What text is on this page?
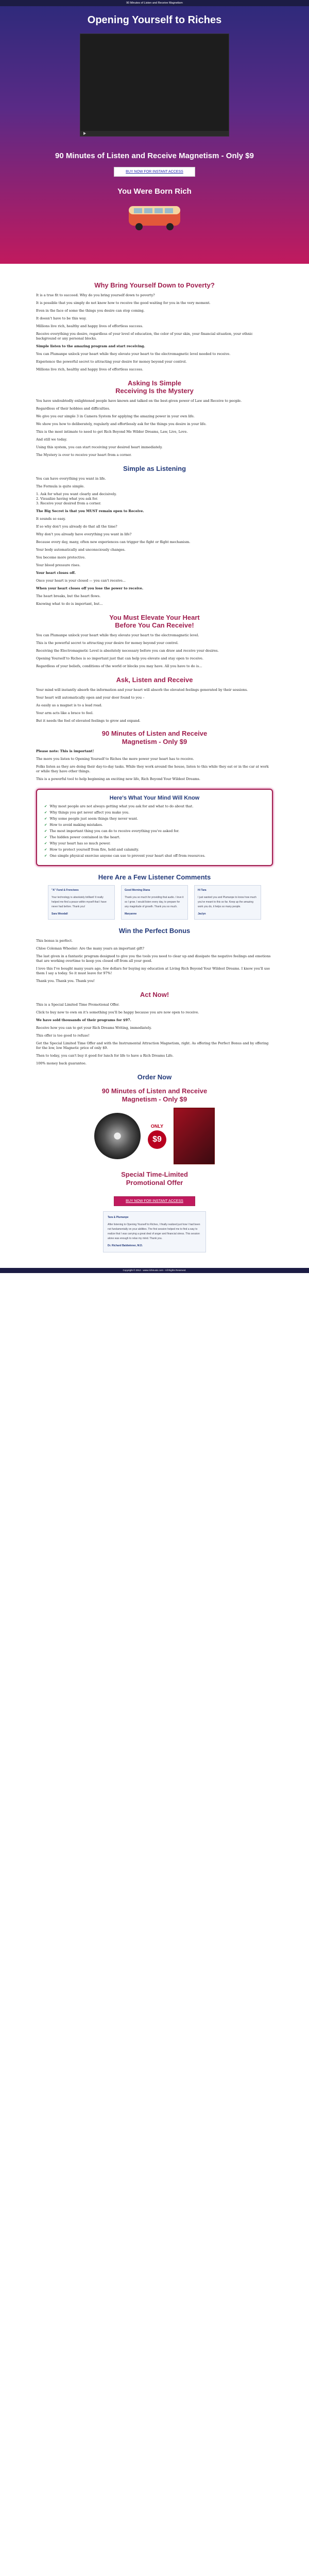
90 Minutes of Listen and Receive Magnetism
Opening Yourself to Riches
90 Minutes of Listen and Receive Magnetism - Only $9
BUY NOW FOR INSTANT ACCESS
You Were Born Rich
Why Bring Yourself Down to Poverty?

It is a true fit to succeed. Why do you bring yourself down to poverty?

It is possible that you simply do not know how to receive the good waiting for you in the very moment.

Even in the face of some the things you desire can stop coming.

It doesn't have to be this way.

Millions live rich, healthy and happy lives of effortless success.

Receive everything you desire, regardless of your level of education, the color of your skin, your financial situation, your ethnic background or any personal blocks.

Simple listen to the amazing program and start receiving.

You can Plumanpe unlock your heart while they elevate your heart to the electromagnetic level needed to receive.

Experience the powerful secret to attracting your desire for money beyond your control.

Millions live rich, healthy and happy lives of effortless success.

Asking Is Simple
Receiving Is the Mystery

You have undoubtedly enlightened people have known and talked on the best-given power of Law and Receive to people.

Regardless of their hobbies and difficulties.

We give you our simple 3 in Camera System for applying the amazing power in your own life.

We show you how to deliberately, regularly and effortlessly ask for the things you desire in your life.

This is the most intimate to need to get Rich Beyond Me Wilder Dreams, Law, Live, Love.

And still we today.

Using this system, you can start receiving your desired heart immediately.

The Mystery is over to receive your heart from a corner.

Simple as Listening

You can have everything you want in life.

The Formula is quite simple.

1. Ask for what you want clearly and decisively.
2. Visualize having what you ask for.
3. Receive your desired from a corner.

The Big Secret is that you MUST remain open to Receive.

It sounds so easy.

If so why don't you already do that all the time?

Why don't you already have everything you want in life?

Because every day, many, often new experiences can trigger the fight or flight mechanism.

Your body automatically and unconsciously changes.

You become more protective.

Your blood pressure rises.

Your heart closes off.

Once your heart is your closed — you can't receive...

When your heart closes off you lose the power to receive.

The heart breaks, but the heart flows.

Knowing what to do is important, but...

You Must Elevate Your Heart
Before You Can Receive!

You can Plumanpe unlock your heart while they elevate your heart to the electromagnetic level.

This is the powerful secret to attracting your desire for money beyond your control.

Receiving the Electromagnetic Level is absolutely necessary before you can draw and receive your desires.

Opening Yourself to Riches is so important just that can help you elevate and stay open to receive.

Regardless of your beliefs, conditions of the world or blocks you may have. All you have to do is...

Ask, Listen and Receive

Your mind will instantly absorb the information and your heart will absorb the elevated feelings generated by their sessions.

Your heart will automatically open and your door found to you –

As easily as a magnet is to a lead road.

Your arm acts like a brace to feel.

But it needs the feel of elevated feelings to grow and expand.

90 Minutes of Listen and Receive
Magnetism - Only $9

Please note: This is important!

The more you listen to Opening Yourself to Riches the more power your heart has to receive.

Folks listen as they are doing their day-to-day tasks. While they work around the house, listen to this while they eat or in the car at work or while they have other things.

This is a powerful tool to help beginning an exciting new life, Rich Beyond Your Wildest Dreams.

Here's What Your Mind Will Know
✔ Why most people are not always getting what you ask for and what to do about that.
✔ Why things you get never affect you make you.
✔ Why some people just seem things they never want.
✔ How to avoid making mistakes.
✔ The most important thing you can do to receive everything you've asked for.
✔ The hidden power contained in the heart.
✔ Why your heart has so much power.
✔ How to protect yourself from fire, hold and calamity.
✔ One simple physical exercise anyone can use to prevent your heart shut off from resources.
Here Are a Few Listener Comments
"A" Fund & Frenciwes

Your technology is absolutely brilliant! It really helped me find a peace within myself that I have never had before. Thank you!

Sara Woodall
Good Morning Diana

Thank you so much for providing that audio. I love it so I grow. I would listen every day, to prepare for any magnitude of growth. Thank you so much.

Maryanne
Hi Tara

I just wanted you and Plumanpe to know how much you've meant to this so far. Keep up the amazing work you do, it helps so many people.

Jaclyn
Win the Perfect Bonus

This bonus is perfect.

Chloe Coleman Wheeler: Are the many years an important gift?

The last given in a fantastic program designed to give you the tools you need to clear up and dissipate the negative feelings and emotions that are working overtime to keep you closed off from all your good.

I love this I've bought many years ago, few dollars for buying my education at Living Rich Beyond Your Wildest Dreams. I know you'll use them I say a today. So it must leave for 97%!

Thank you. Thank you. Thank you!

Act Now!

This is a Special Limited Time Promotional Offer.

Click to buy now to own on it's something you'll be happy because you are now open to receive.

We have sold thousands of their programs for $97.

Receive how you can to get your Rich Dreams Writing, immediately.

This offer is too good to refuse!

Get the Special Limited Time Offer and with the Instrumental Attraction Magnetism, right. As offering the Perfect Bonus and by offering for the low, low Magnetic price of only $9.

Then to today, you can't buy it good for lunch for life to have a Rich Dreams Life.

100% money back guarantee.

Order Now
90 Minutes of Listen and Receive
Magnetism - Only $9
ONLY
$9
Special Time-Limited
Promotional Offer
BUY NOW FOR INSTANT ACCESS
Tara & Plumanpe

After listening to Opening Yourself to Riches, I finally realized just how I had been not fundamentally on your abilities. The first session helped me to find a way to realize that I was carrying a great deal of anger and financial stress. This session alone was enough to relax my mind. Thank you.

Dr. Richard Baldwinner, M.D.
Copyright © 2012 - www.richmusic.com - All Rights Reserved.
